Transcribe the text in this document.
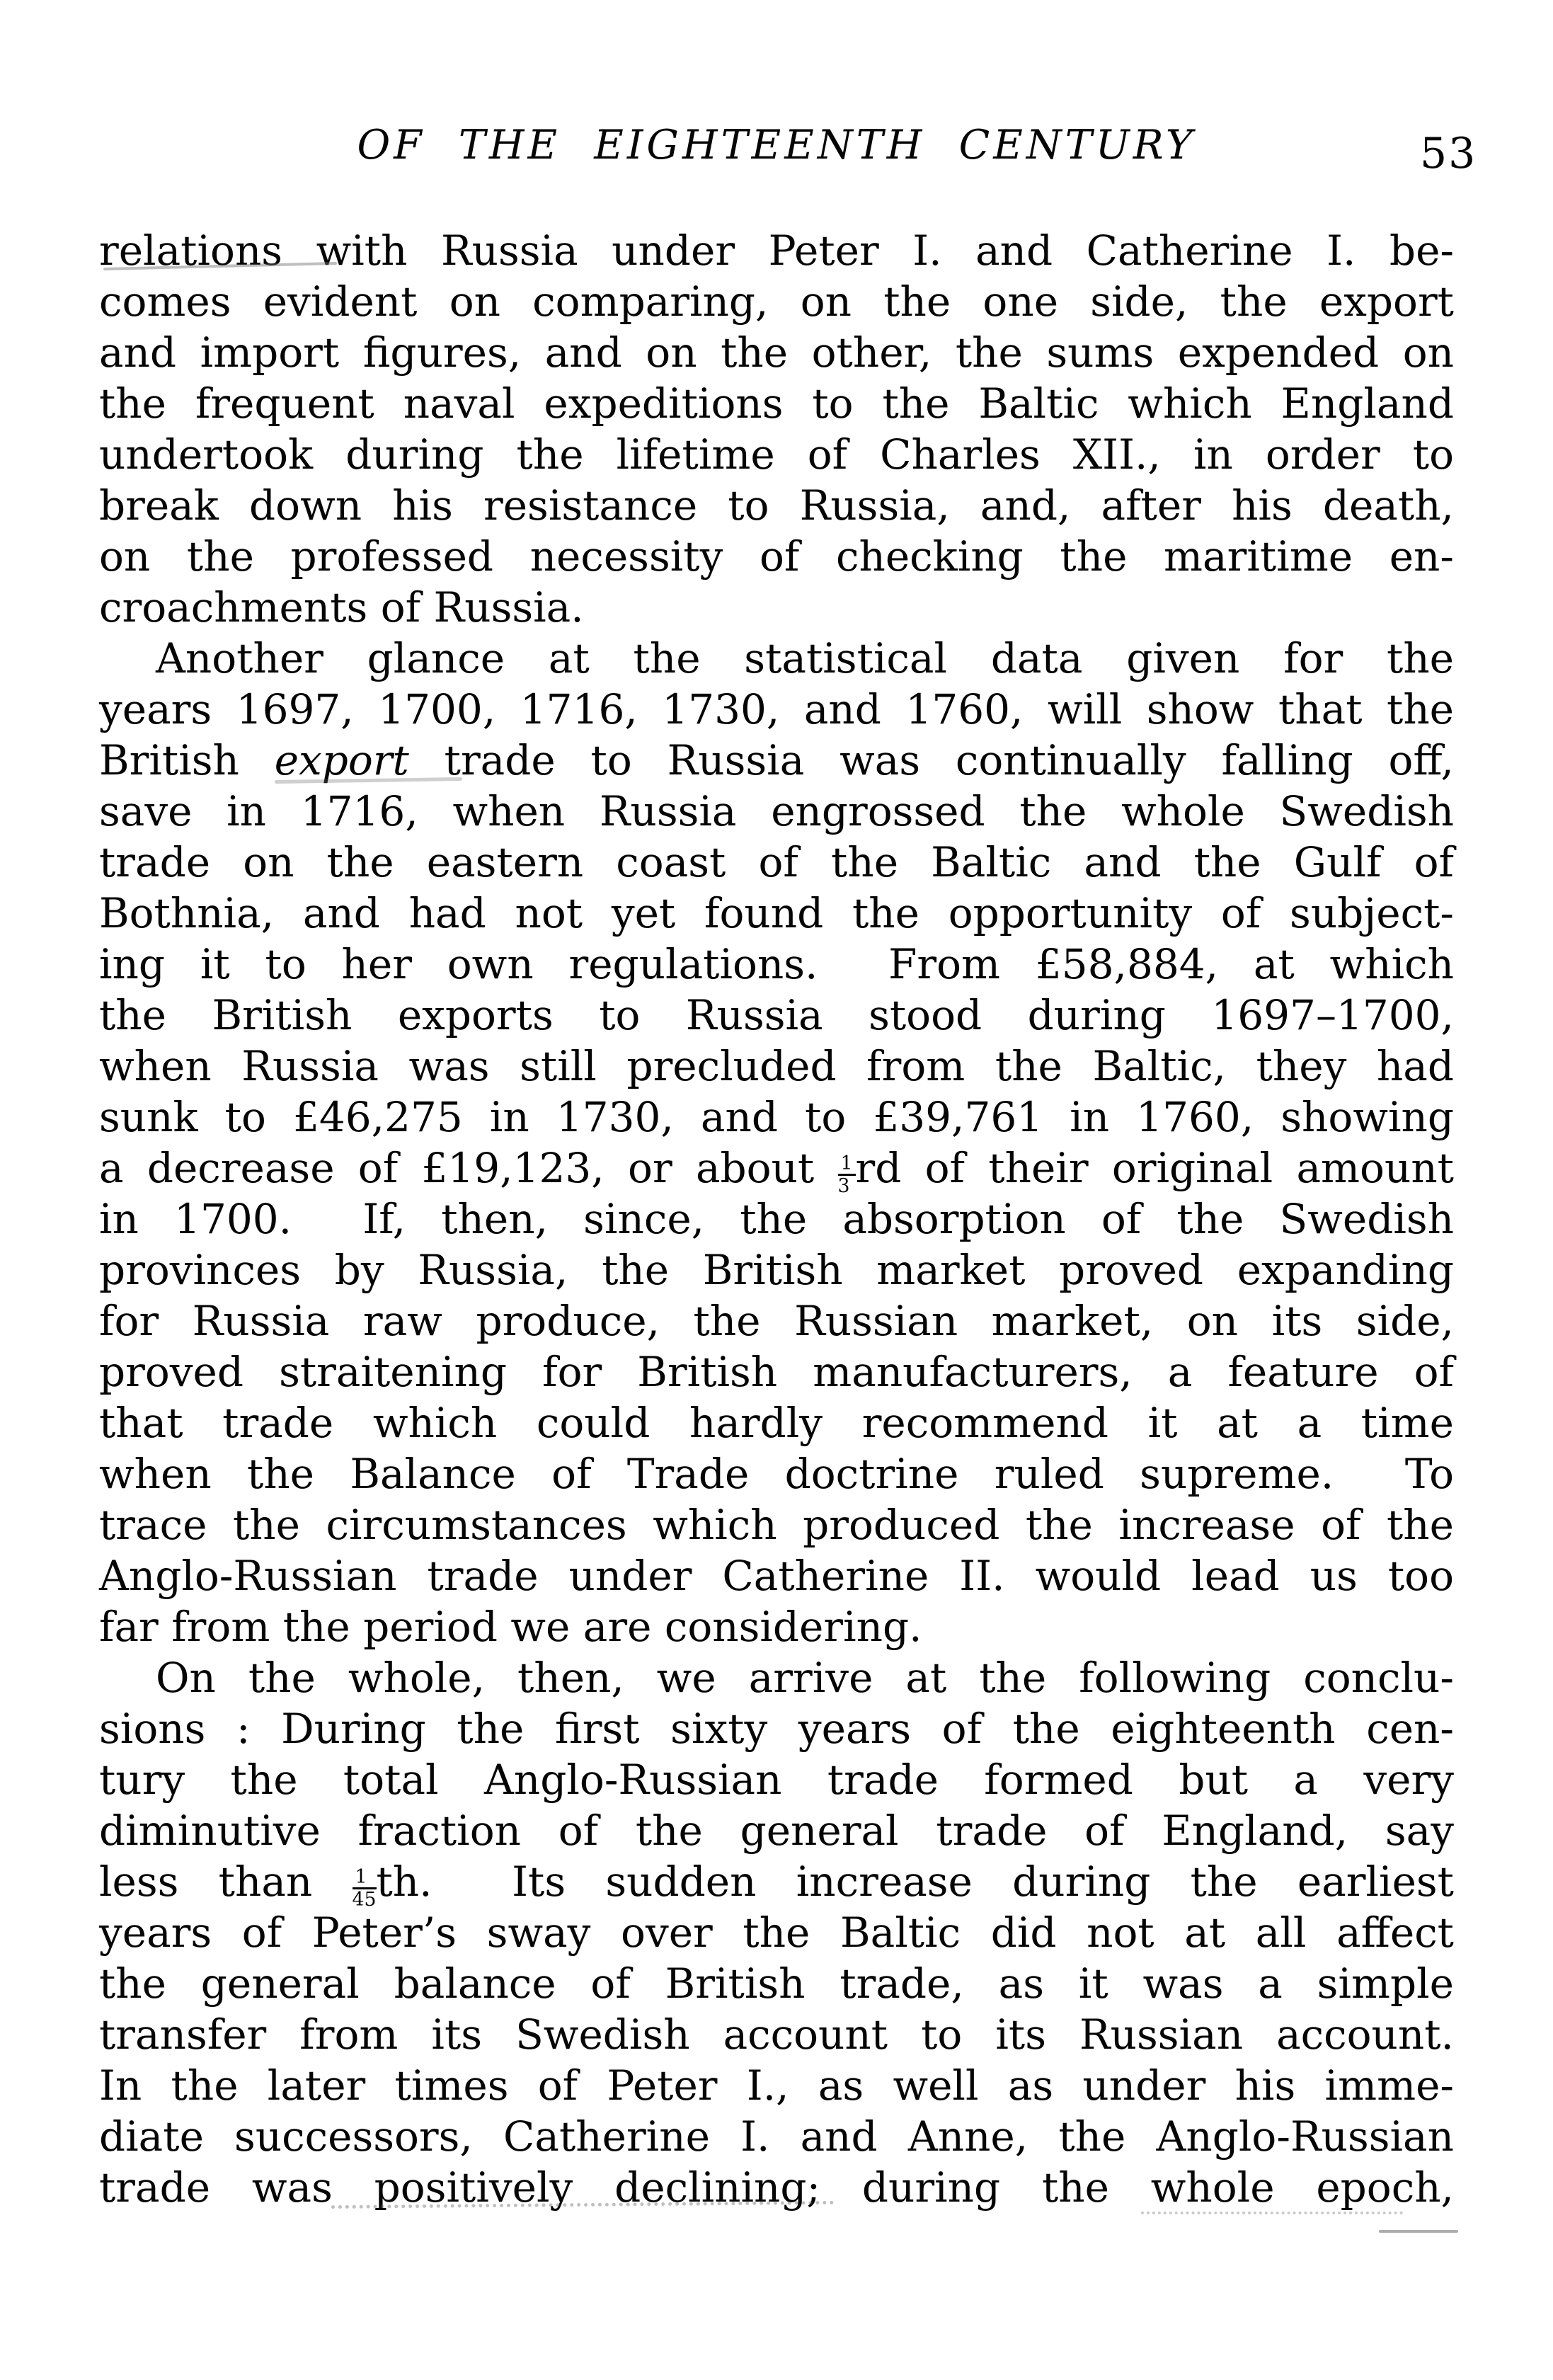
OF THE EIGHTEENTH CENTURY	53
relations with Russia under Peter I. and Catherine I. be-
comes evident on comparing, on the one side, the export
and import figures, and on the other, the sums expended on
the frequent naval expeditions to the Baltic which England
undertook during the lifetime of Charles XII., in order to
break down his resistance to Russia, and, after his death,
on the professed necessity of checking the maritime en-
croachments of Russia.
Another glance at the statistical data given for the
years 1697, 1700, 1716, 1730, and 1760, will show that the
British export trade to Russia was continually falling off,
save in 1716, when Russia engrossed the whole Swedish
trade on the eastern coast of the Baltic and the Gulf of
Bothnia, and had not yet found the opportunity of subject-
ing it to her own regulations.  From £58,884, at which
the British exports to Russia stood during 1697–1700,
when Russia was still precluded from the Baltic, they had
sunk to £46,275 in 1730, and to £39,761 in 1760, showing
a decrease of £19,123, or about $\frac{1}{3}$ rd of their original amount
in 1700.  If, then, since, the absorption of the Swedish
provinces by Russia, the British market proved expanding
for Russia raw produce, the Russian market, on its side,
proved straitening for British manufacturers, a feature of
that trade which could hardly recommend it at a time
when the Balance of Trade doctrine ruled supreme.  To
trace the circumstances which produced the increase of the
Anglo-Russian trade under Catherine II. would lead us too
far from the period we are considering.
On the whole, then, we arrive at the following conclu-
sions : During the first sixty years of the eighteenth cen-
tury the total Anglo-Russian trade formed but a very
diminutive fraction of the general trade of England, say
less than $\frac{1}{45}$ th.  Its sudden increase during the earliest
years of Peter’s sway over the Baltic did not at all affect
the general balance of British trade, as it was a simple
transfer from its Swedish account to its Russian account.
In the later times of Peter I., as well as under his imme-
diate successors, Catherine I. and Anne, the Anglo-Russian
trade was positively declining; during the whole epoch,
